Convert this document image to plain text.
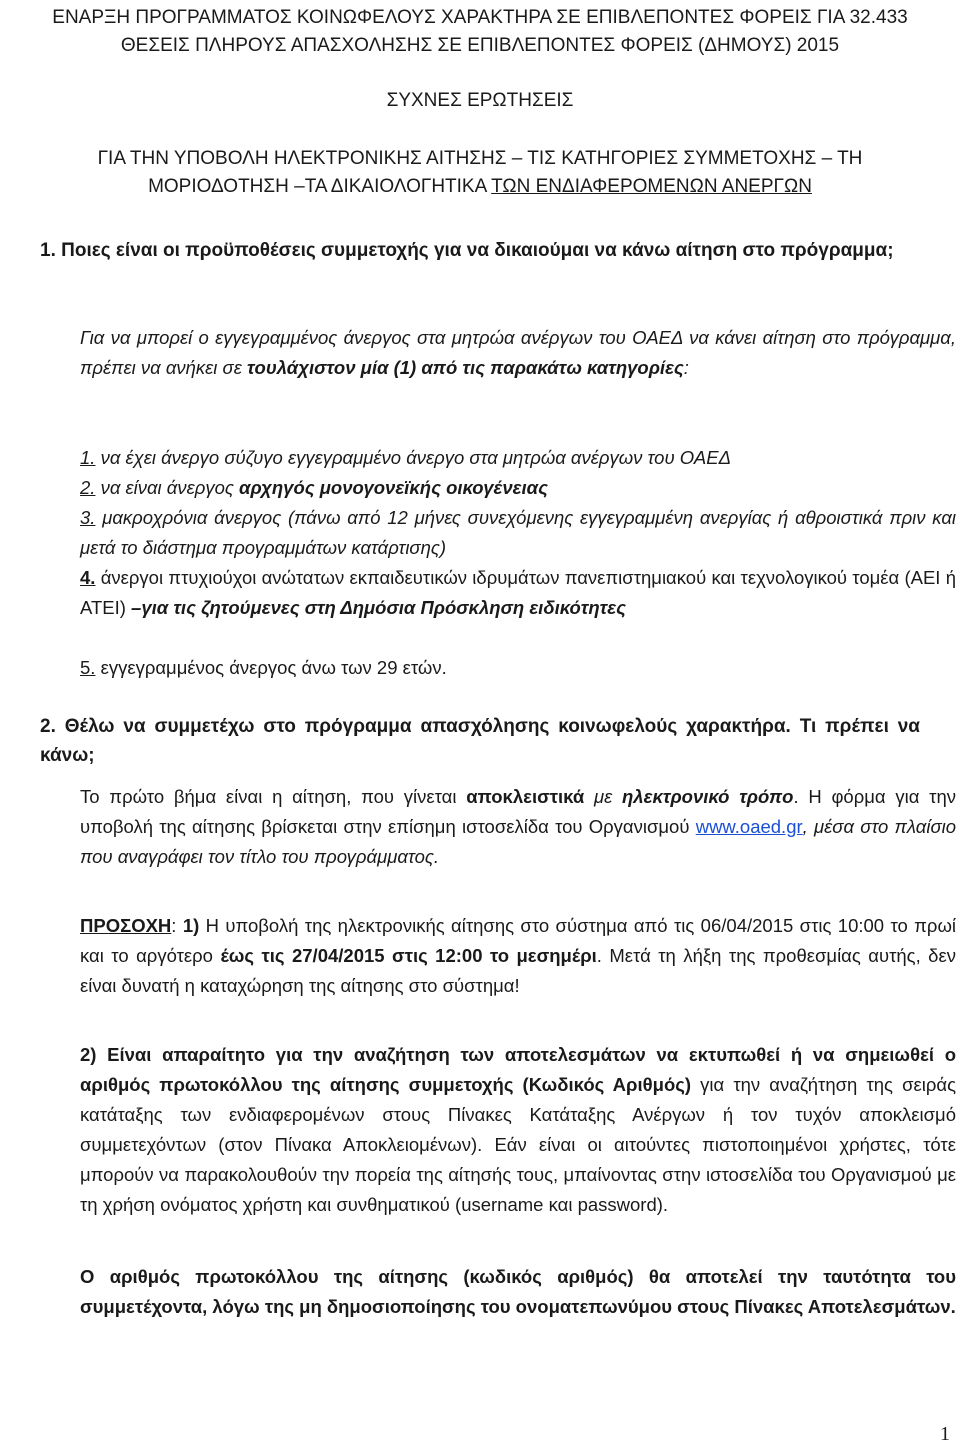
ΕΝΑΡΞΗ ΠΡΟΓΡΑΜΜΑΤΟΣ ΚΟΙΝΩΦΕΛΟΥΣ ΧΑΡΑΚΤΗΡΑ ΣΕ ΕΠΙΒΛΕΠΟΝΤΕΣ ΦΟΡΕΙΣ ΓΙΑ 32.433

ΘΕΣΕΙΣ ΠΛΗΡΟΥΣ ΑΠΑΣΧΟΛΗΣΗΣ ΣΕ ΕΠΙΒΛΕΠΟΝΤΕΣ ΦΟΡΕΙΣ (ΔΗΜΟΥΣ) 2015

ΣΥΧΝΕΣ ΕΡΩΤΗΣΕΙΣ

ΓΙΑ ΤΗΝ ΥΠΟΒΟΛΗ ΗΛΕΚΤΡΟΝΙΚΗΣ ΑΙΤΗΣΗΣ – ΤΙΣ ΚΑΤΗΓΟΡΙΕΣ ΣΥΜΜΕΤΟΧΗΣ – ΤΗ

ΜΟΡΙΟΔΟΤΗΣΗ –ΤΑ ΔΙΚΑΙΟΛΟΓΗΤΙΚΑ ΤΩΝ ΕΝΔΙΑΦΕΡΟΜΕΝΩΝ ΑΝΕΡΓΩΝ

1. Ποιες είναι οι προϋποθέσεις συμμετοχής για να δικαιούμαι να κάνω αίτηση στο πρόγραμμα;

Για να μπορεί ο εγγεγραμμένος άνεργος στα μητρώα ανέργων του ΟΑΕΔ να κάνει αίτηση στο πρόγραμμα, πρέπει να ανήκει σε τουλάχιστον μία (1) από τις παρακάτω κατηγορίες:

1. να έχει άνεργο σύζυγο εγγεγραμμένο άνεργο στα μητρώα ανέργων του ΟΑΕΔ

2. να είναι άνεργος αρχηγός μονογονεϊκής οικογένειας

3. μακροχρόνια άνεργος (πάνω από 12 μήνες συνεχόμενης εγγεγραμμένη ανεργίας ή αθροιστικά πριν και μετά το διάστημα προγραμμάτων κατάρτισης)

4. άνεργοι πτυχιούχοι ανώτατων εκπαιδευτικών ιδρυμάτων πανεπιστημιακού και τεχνολογικού τομέα (ΑΕΙ ή ΑΤΕΙ) –για τις ζητούμενες στη Δημόσια Πρόσκληση ειδικότητες

5. εγγεγραμμένος άνεργος άνω των 29 ετών.

2. Θέλω να συμμετέχω στο πρόγραμμα απασχόλησης κοινωφελούς χαρακτήρα. Τι πρέπει να κάνω;

Το πρώτο βήμα είναι η αίτηση, που γίνεται αποκλειστικά με ηλεκτρονικό τρόπο. Η φόρμα για την υποβολή της αίτησης βρίσκεται στην επίσημη ιστοσελίδα του Οργανισμού www.oaed.gr, μέσα στο πλαίσιο που αναγράφει τον τίτλο του προγράμματος.

ΠΡΟΣΟΧΗ: 1) Η υποβολή της ηλεκτρονικής αίτησης στο σύστημα από τις 06/04/2015 στις 10:00 το πρωί και το αργότερο έως τις 27/04/2015 στις 12:00 το μεσημέρι. Μετά τη λήξη της προθεσμίας αυτής, δεν είναι δυνατή η καταχώρηση της αίτησης στο σύστημα!

2) Είναι απαραίτητο για την αναζήτηση των αποτελεσμάτων να εκτυπωθεί ή να σημειωθεί ο αριθμός πρωτοκόλλου της αίτησης συμμετοχής (Κωδικός Αριθμός) για την αναζήτηση της σειράς κατάταξης των ενδιαφερομένων στους Πίνακες Κατάταξης Ανέργων ή τον τυχόν αποκλεισμό συμμετεχόντων (στον Πίνακα Αποκλειομένων). Εάν είναι οι αιτούντες πιστοποιημένοι χρήστες, τότε μπορούν να παρακολουθούν την πορεία της αίτησής τους, μπαίνοντας στην ιστοσελίδα του Οργανισμού με τη χρήση ονόματος χρήστη και συνθηματικού (username και password).

Ο αριθμός πρωτοκόλλου της αίτησης (κωδικός αριθμός) θα αποτελεί την ταυτότητα του συμμετέχοντα, λόγω της μη δημοσιοποίησης του ονοματεπωνύμου στους Πίνακες Αποτελεσμάτων.

1
